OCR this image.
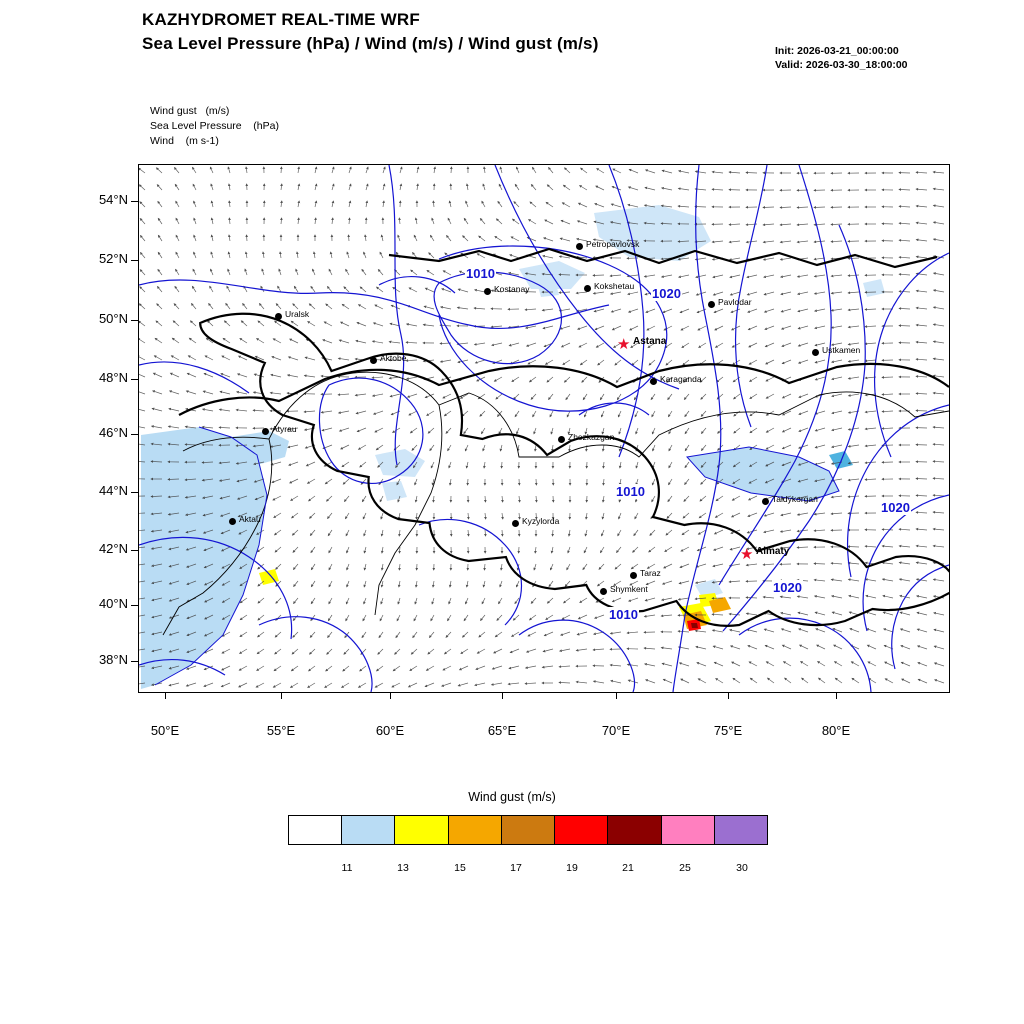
KAZHYDROMET REAL-TIME WRF
Sea Level Pressure (hPa) / Wind (m/s) / Wind gust (m/s)	Init: 2026-03-21_00:00:00
Valid: 2026-03-30_18:00:00
Wind gust   (m/s)
Sea Level Pressure    (hPa)
Wind    (m s-1)
54°N
52°N
50°N
48°N
46°N
44°N
42°N
40°N
38°N
50°E	55°E	60°E	65°E	70°E	75°E	80°E
1010
1020
1010
1020
1020
1010
Petropavlovsk
Kostanay	Kokshetau
Pavlodar
Uralsk
★ Astana
Aktobe
Ustkamen
Karaganda
Atyrau
Zhezkazgan
Taldykorgan
Aktau	Kyzylorda
★ Almaty
Taraz
Shymkent
Wind gust (m/s)
11	13	15	17	19	21	25	30
